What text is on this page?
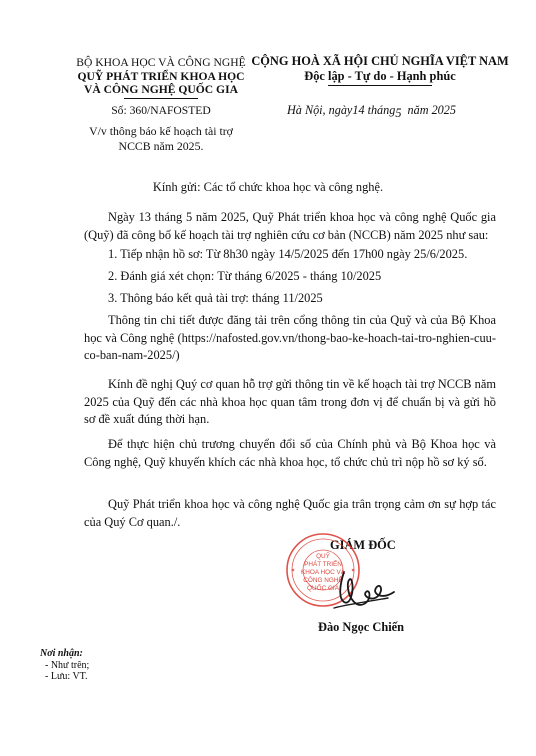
BỘ KHOA HỌC VÀ CÔNG NGHỆ
QUỸ PHÁT TRIỂN KHOA HỌC
VÀ CÔNG NGHỆ QUỐC GIA
CỘNG HOÀ XÃ HỘI CHỦ NGHĨA VIỆT NAM
Độc lập - Tự do - Hạnh phúc
Số: 360/NAFOSTED	Hà Nội, ngày14 tháng5 năm 2025
V/v thông báo kế hoạch tài trợ
NCCB năm 2025.
Kính gửi: Các tổ chức khoa học và công nghệ.
Ngày 13 tháng 5 năm 2025, Quỹ Phát triển khoa học và công nghệ Quốc gia (Quỹ) đã công bố kế hoạch tài trợ nghiên cứu cơ bản (NCCB) năm 2025 như sau:
1. Tiếp nhận hồ sơ: Từ 8h30 ngày 14/5/2025 đến 17h00 ngày 25/6/2025.
2. Đánh giá xét chọn: Từ tháng 6/2025 - tháng 10/2025
3. Thông báo kết quả tài trợ: tháng 11/2025
Thông tin chi tiết được đăng tải trên cổng thông tin của Quỹ và của Bộ Khoa học và Công nghệ (https://nafosted.gov.vn/thong-bao-ke-hoach-tai-tro-nghien-cuu-co-ban-nam-2025/)
Kính đề nghị Quý cơ quan hỗ trợ gửi thông tin về kế hoạch tài trợ NCCB năm 2025 của Quỹ đến các nhà khoa học quan tâm trong đơn vị để chuẩn bị và gửi hồ sơ đề xuất đúng thời hạn.
Để thực hiện chủ trương chuyển đổi số của Chính phủ và Bộ Khoa học và Công nghệ, Quỹ khuyến khích các nhà khoa học, tổ chức chủ trì nộp hồ sơ ký số.
Quỹ Phát triển khoa học và công nghệ Quốc gia trân trọng cảm ơn sự hợp tác của Quý Cơ quan./.
Nơi nhận:
- Như trên;
- Lưu: VT.
GIÁM ĐỐC
QUỸ
PHÁT TRIỂN
KHOA HỌC VÀ
CÔNG NGHỆ
QUỐC GIA
Đào Ngọc Chiến
